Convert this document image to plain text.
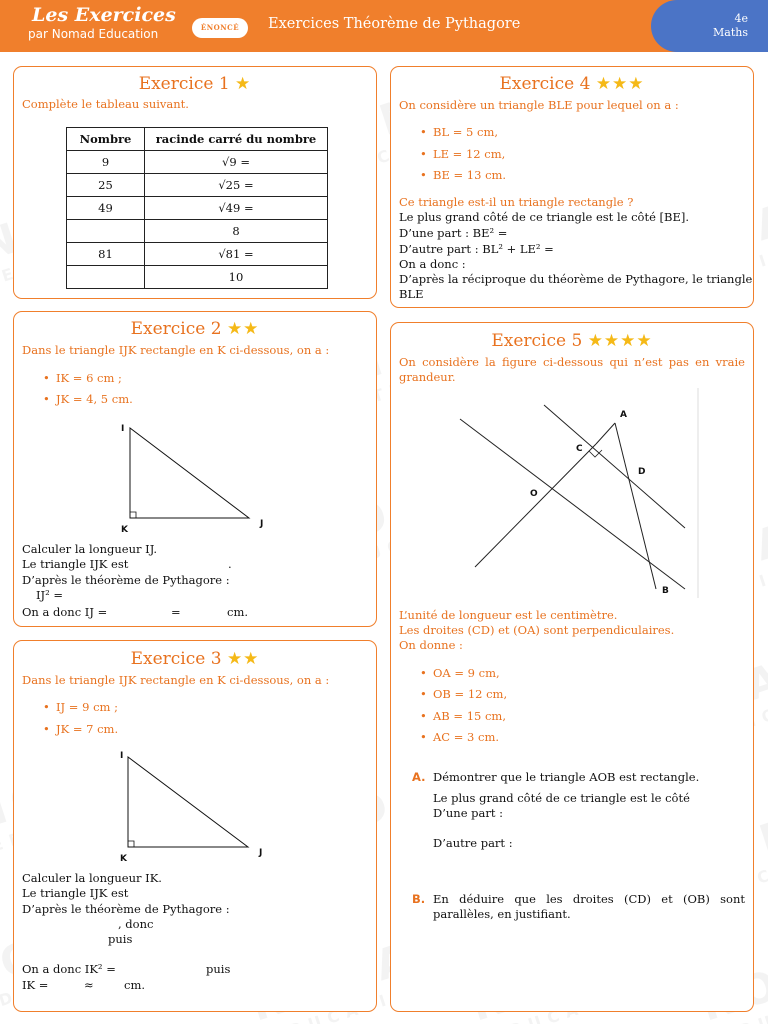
Les Exercices
par Nomad Education	ÉNONCÉ	Exercices Théorème de Pythagore	4e
Maths
Exercice 1 ★
Complète le tableau suivant.
Nombre	racinde carré du nombre
9	√9 =
25	√25 =
49	√49 =
	8
81	√81 =
	10
Exercice 2 ★★
Dans le triangle IJK rectangle en K ci-dessous, on a :
• IK = 6 cm ;
• JK = 4, 5 cm.
I
K
J
Calculer la longueur IJ.
Le triangle IJK est	.
D’après le théorème de Pythagore :
IJ² =
On a donc IJ =	=	cm.
Exercice 3 ★★
Dans le triangle IJK rectangle en K ci-dessous, on a :
• IJ = 9 cm ;
• JK = 7 cm.
I
K
J
Calculer la longueur IK.
Le triangle IJK est
D’après le théorème de Pythagore :
, donc
puis
On a donc IK² =	puis
IK =	≈	cm.
Exercice 4 ★★★
On considère un triangle BLE pour lequel on a :
• BL = 5 cm,
• LE = 12 cm,
• BE = 13 cm.
Ce triangle est-il un triangle rectangle ?
Le plus grand côté de ce triangle est le côté [BE].
D’une part : BE² =
D’autre part : BL² + LE² =
On a donc :
D’après la réciproque du théorème de Pythagore, le triangle
BLE
Exercice 5 ★★★★
On considère la figure ci-dessous qui n’est pas en vraie
grandeur.
A
C
D
O
B
L’unité de longueur est le centimètre.
Les droites (CD) et (OA) sont perpendiculaires.
On donne :
• OA = 9 cm,
• OB = 12 cm,
• AB = 15 cm,
• AC = 3 cm.
A. Démontrer que le triangle AOB est rectangle.
Le plus grand côté de ce triangle est le côté
D’une part :
D’autre part :
B. En déduire que les droites (CD) et (OB) sont
parallèles, en justifiant.
